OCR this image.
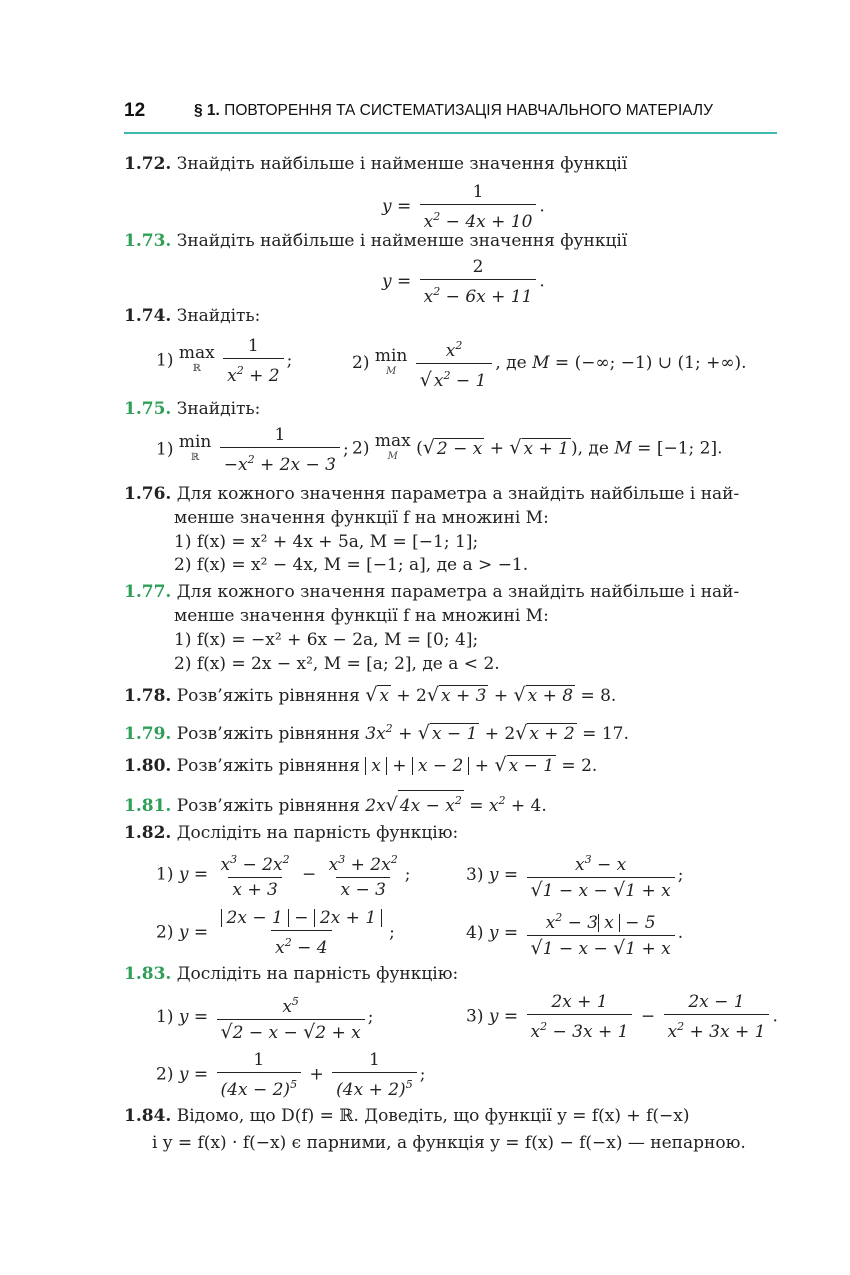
12	§ 1. ПОВТОРЕННЯ ТА СИСТЕМАТИЗАЦІЯ НАВЧАЛЬНОГО МАТЕРІАЛУ
1.72. Знайдіть найбільше і найменше значення функції
$y = \frac{1}{x^2 - 4x + 10}$ .
1.73. Знайдіть найбільше і найменше значення функції
$y = \frac{2}{x^2 - 6x + 11}$ .
1.74. Знайдіть:
1) max
ℝ
$\frac{1}{x^2 + 2}$ ;	2) min
M
$\frac{x^2}{√ x^2 - 1}$ , де M = (−∞; −1) ∪ (1; +∞).
1.75. Знайдіть:
1) min
ℝ
$\frac{1}{-x^2 + 2x - 3}$ ; 2) max
M (√ 2 − x + √ x + 1 ), де M = [−1; 2].
1.76. Для кожного значення параметра a знайдіть найбільше і най-
менше значення функції f на множині M:
1) f(x) = x² + 4x + 5a, M = [−1; 1];
2) f(x) = x² − 4x, M = [−1; a], де a > −1.
1.77. Для кожного значення параметра a знайдіть найбільше і най-
менше значення функції f на множині M:
1) f(x) = −x² + 6x − 2a, M = [0; 4];
2) f(x) = 2x − x², M = [a; 2], де a < 2.
1.78. Розв’яжіть рівняння √ x + 2√ x + 3 + √ x + 8 = 8.
1.79. Розв’яжіть рівняння $3x^2$ + √ x − 1 + 2√ x + 2 = 17.
1.80. Розв’яжіть рівняння x + x − 2 + √ x − 1 = 2.
1.81. Розв’яжіть рівняння 2x√ $4x - x^2 = x^2 + 4$.
1.82. Дослідіть на парність функцію:
1) $y = \frac{x^3 - 2x^2}{x + 3} - \frac{x^3 + 2x^2}{x - 3}$ ;	3) $y = \frac{x^3 - x}{√1 - x - √1 + x}$ ;
2) $y = \frac{2x - 1 - 2x + 1}{x^2 - 4}$ ;	4) $y = \frac{x^2 - 3 x - 5}{√1 - x - √1 + x}$ .
1.83. Дослідіть на парність функцію:
1) $y = \frac{x^5}{√2 - x - √2 + x}$ ;	3) $y = \frac{2x + 1}{x^2 - 3x + 1} - \frac{2x - 1}{x^2 + 3x + 1}$ .
2) $y = \frac{1}{(4x - 2)^5} + \frac{1}{(4x + 2)^5}$ ;
1.84. Відомо, що D(f) = ℝ. Доведіть, що функції y = f(x) + f(−x)
і y = f(x) · f(−x) є парними, а функція y = f(x) − f(−x) — непарною.
